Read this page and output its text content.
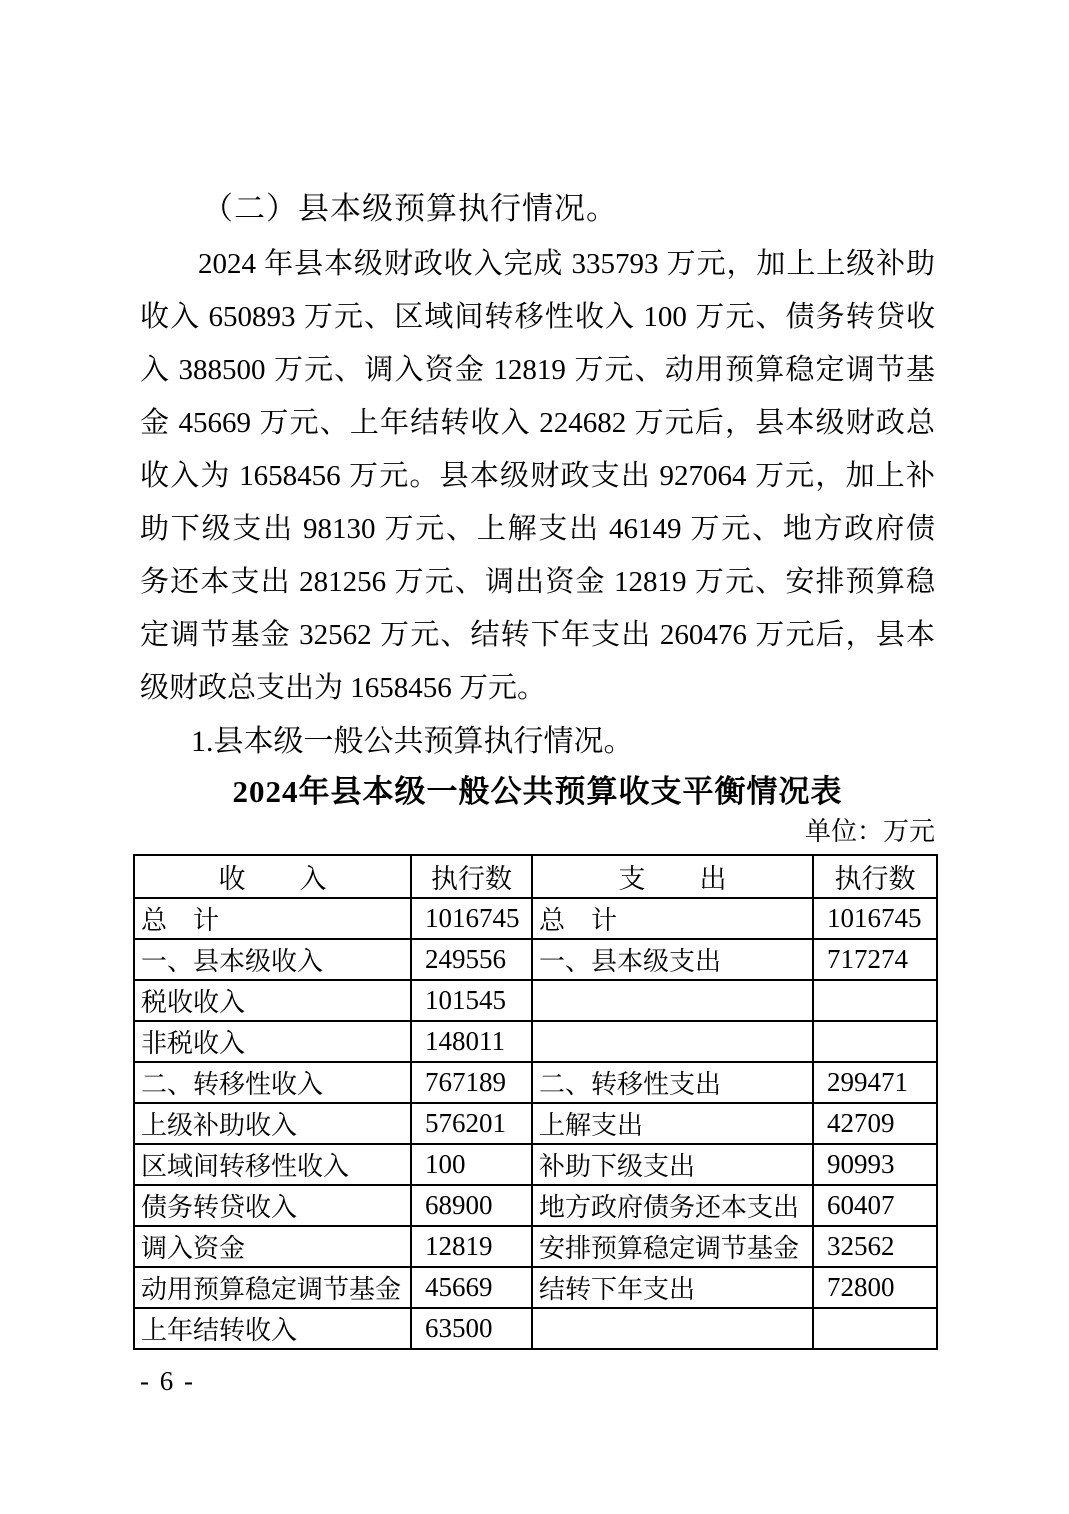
（二）县本级预算执行情况。
2024 年县本级财政收入完成 335793 万元，加上上级补助
收入 650893 万元、区域间转移性收入 100 万元、债务转贷收
入 388500 万元、调入资金 12819 万元、动用预算稳定调节基
金 45669 万元、上年结转收入 224682 万元后，县本级财政总
收入为 1658456 万元。县本级财政支出 927064 万元，加上补
助下级支出 98130 万元、上解支出 46149 万元、地方政府债
务还本支出 281256 万元、调出资金 12819 万元、安排预算稳
定调节基金 32562 万元、结转下年支出 260476 万元后，县本
级财政总支出为 1658456 万元。
1.县本级一般公共预算执行情况。
2024年县本级一般公共预算收支平衡情况表
单位：万元
收　　入	执行数	支　　出	执行数
总　计	1016745	总　计	1016745
一、县本级收入	249556	一、县本级支出	717274
税收收入	101545		
非税收入	148011		
二、转移性收入	767189	二、转移性支出	299471
上级补助收入	576201	上解支出	42709
区域间转移性收入	100	补助下级支出	90993
债务转贷收入	68900	地方政府债务还本支出	60407
调入资金	12819	安排预算稳定调节基金	32562
动用预算稳定调节基金	45669	结转下年支出	72800
上年结转收入	63500		
- 6 -
